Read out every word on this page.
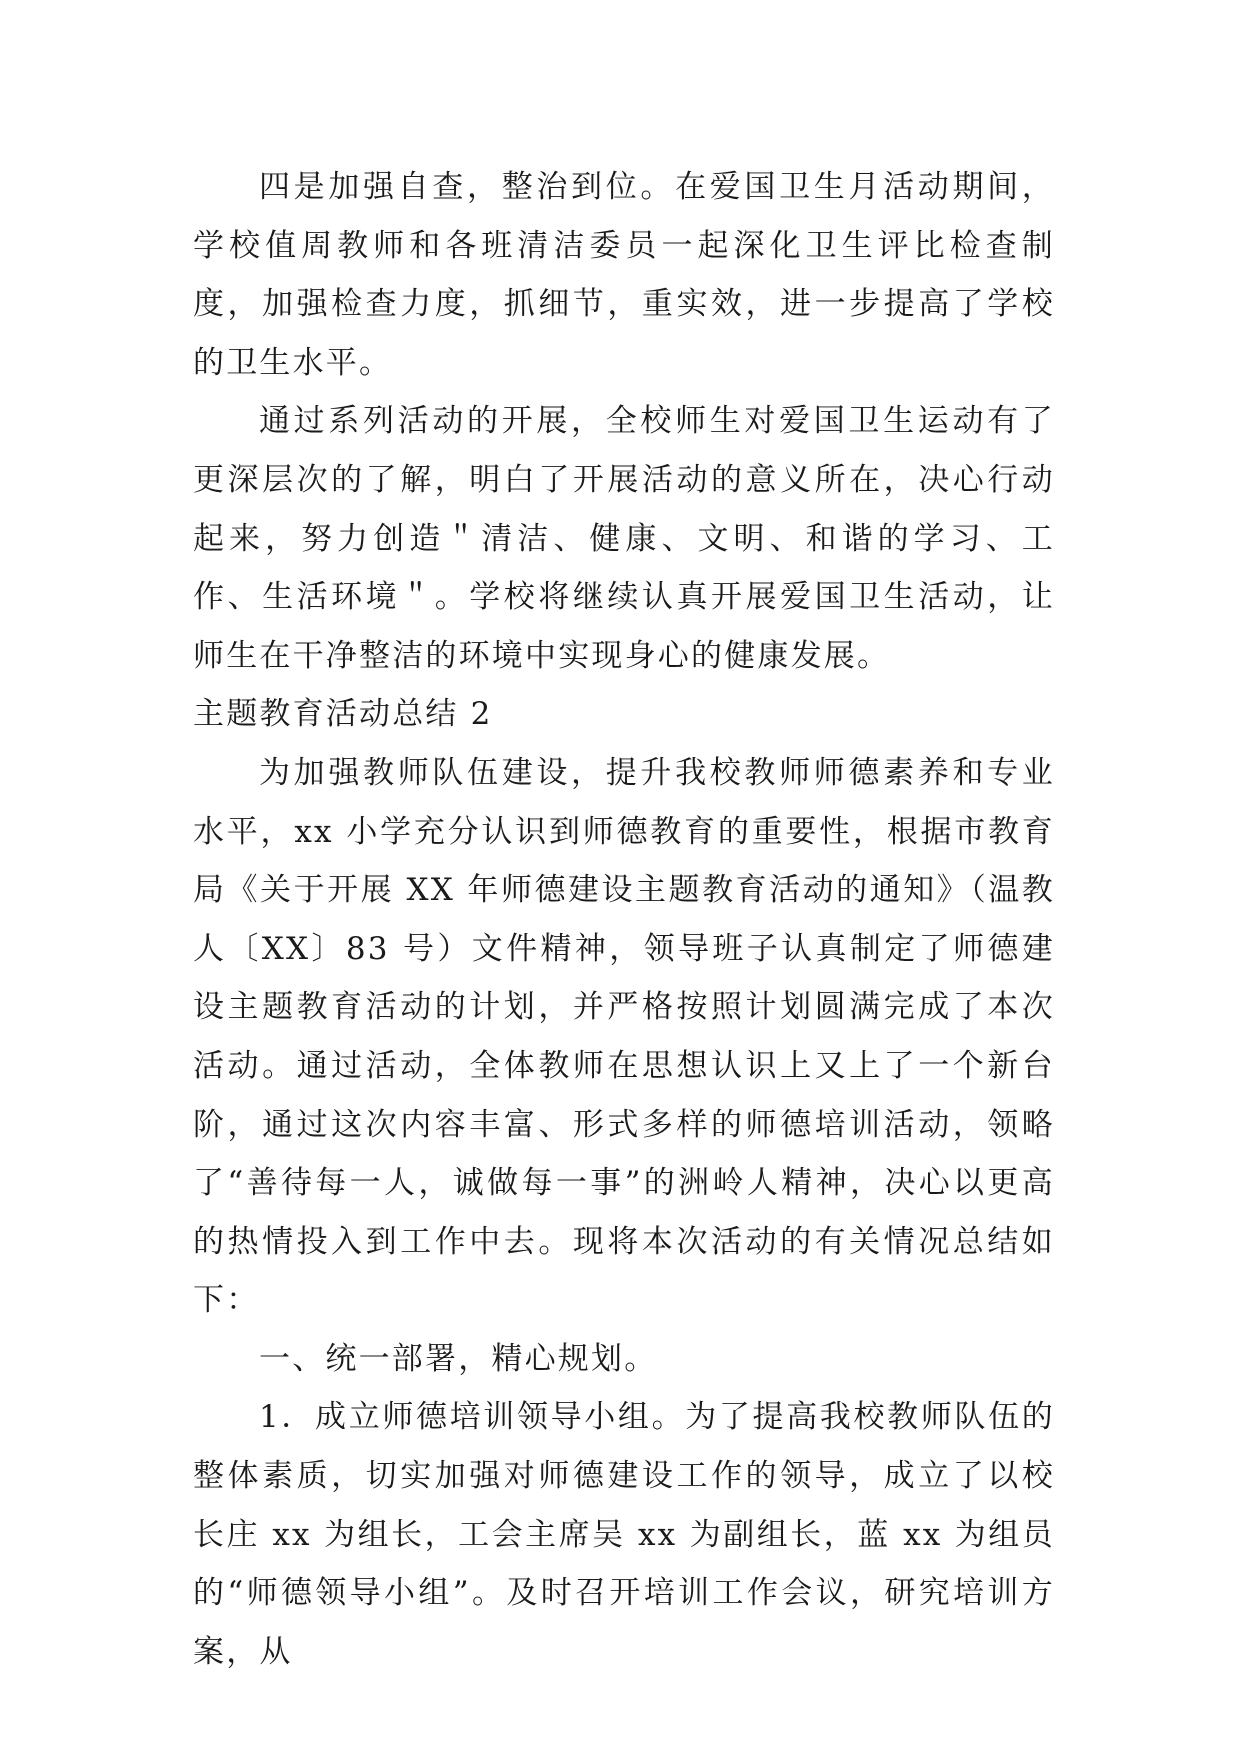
四是加强自查，整治到位。在爱国卫生月活动期间，学校值周教师和各班清洁委员一起深化卫生评比检查制度，加强检查力度，抓细节，重实效，进一步提高了学校的卫生水平。

通过系列活动的开展，全校师生对爱国卫生运动有了更深层次的了解，明白了开展活动的意义所在，决心行动起来，努力创造＂清洁、健康、文明、和谐的学习、工作、生活环境＂。学校将继续认真开展爱国卫生活动，让师生在干净整洁的环境中实现身心的健康发展。

主题教育活动总结 2

为加强教师队伍建设，提升我校教师师德素养和专业水平，xx 小学充分认识到师德教育的重要性，根据市教育局《关于开展 XX 年师德建设主题教育活动的通知》（温教人〔XX〕83 号）文件精神，领导班子认真制定了师德建设主题教育活动的计划，并严格按照计划圆满完成了本次活动。通过活动，全体教师在思想认识上又上了一个新台阶，通过这次内容丰富、形式多样的师德培训活动，领略了“善待每一人，诚做每一事”的洲岭人精神，决心以更高的热情投入到工作中去。现将本次活动的有关情况总结如下：

一、统一部署，精心规划。

1．成立师德培训领导小组。为了提高我校教师队伍的整体素质，切实加强对师德建设工作的领导，成立了以校长庄 xx 为组长，工会主席吴 xx 为副组长，蓝 xx 为组员的“师德领导小组”。及时召开培训工作会议，研究培训方案，从
